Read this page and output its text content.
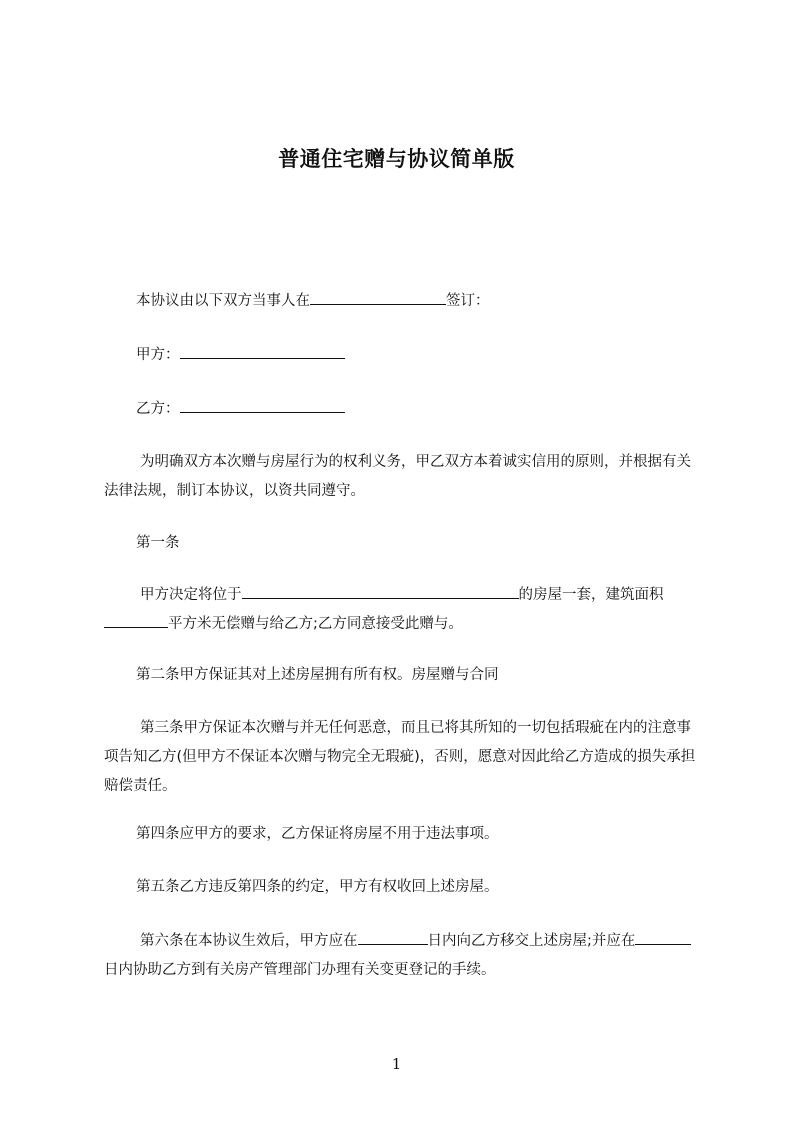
普通住宅赠与协议简单版

本协议由以下双方当事人在	签订：

甲方：

乙方：

为明确双方本次赠与房屋行为的权利义务，甲乙双方本着诚实信用的原则，并根据有关法律法规，制订本协议，以资共同遵守。

第一条

甲方决定将位于	的房屋一套，建筑面积平方米无偿赠与给乙方;乙方同意接受此赠与。

第二条甲方保证其对上述房屋拥有所有权。房屋赠与合同

第三条甲方保证本次赠与并无任何恶意，而且已将其所知的一切包括瑕疵在内的注意事项告知乙方(但甲方不保证本次赠与物完全无瑕疵)，否则，愿意对因此给乙方造成的损失承担赔偿责任。

第四条应甲方的要求，乙方保证将房屋不用于违法事项。

第五条乙方违反第四条的约定，甲方有权收回上述房屋。

第六条在本协议生效后，甲方应在	日内向乙方移交上述房屋;并应在日内协助乙方到有关房产管理部门办理有关变更登记的手续。

1
